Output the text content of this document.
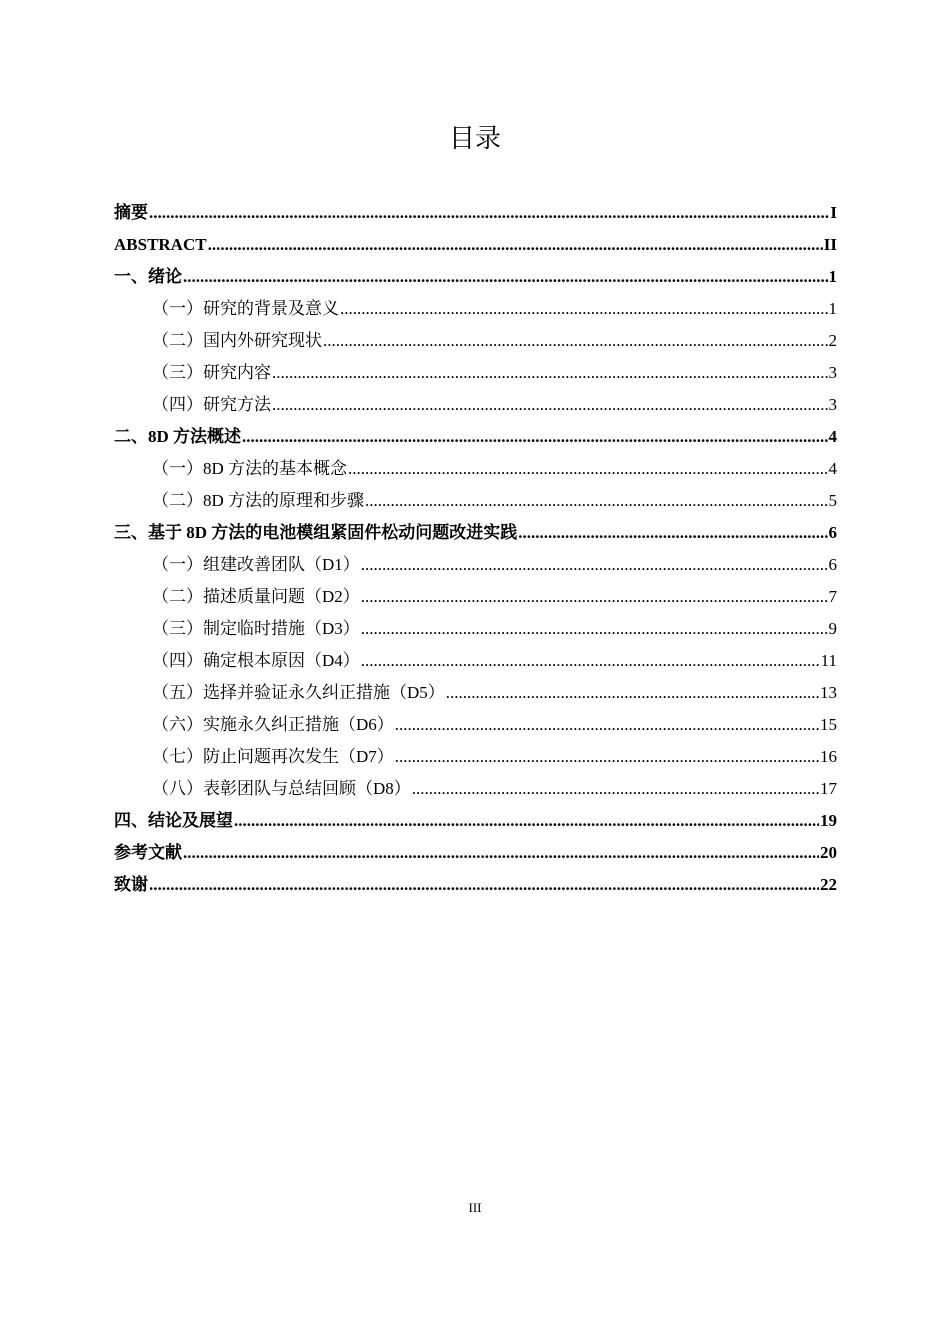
目录
摘要 .....	I
ABSTRACT .....	II
一、绪论 .....	1
（一）研究的背景及意义 .....	1
（二）国内外研究现状 .....	2
（三）研究内容 .....	3
（四）研究方法 .....	3
二、8D 方法概述 .....	4
（一）8D 方法的基本概念 .....	4
（二）8D 方法的原理和步骤 .....	5
三、基于 8D 方法的电池模组紧固件松动问题改进实践 .....	6
（一）组建改善团队（D1） .....	6
（二）描述质量问题（D2） .....	7
（三）制定临时措施（D3） .....	9
（四）确定根本原因（D4） .....	11
（五）选择并验证永久纠正措施（D5） .....	13
（六）实施永久纠正措施（D6） .....	15
（七）防止问题再次发生（D7） .....	16
（八）表彰团队与总结回顾（D8） .....	17
四、结论及展望 .....	19
参考文献 .....	20
致谢 .....	22
III
